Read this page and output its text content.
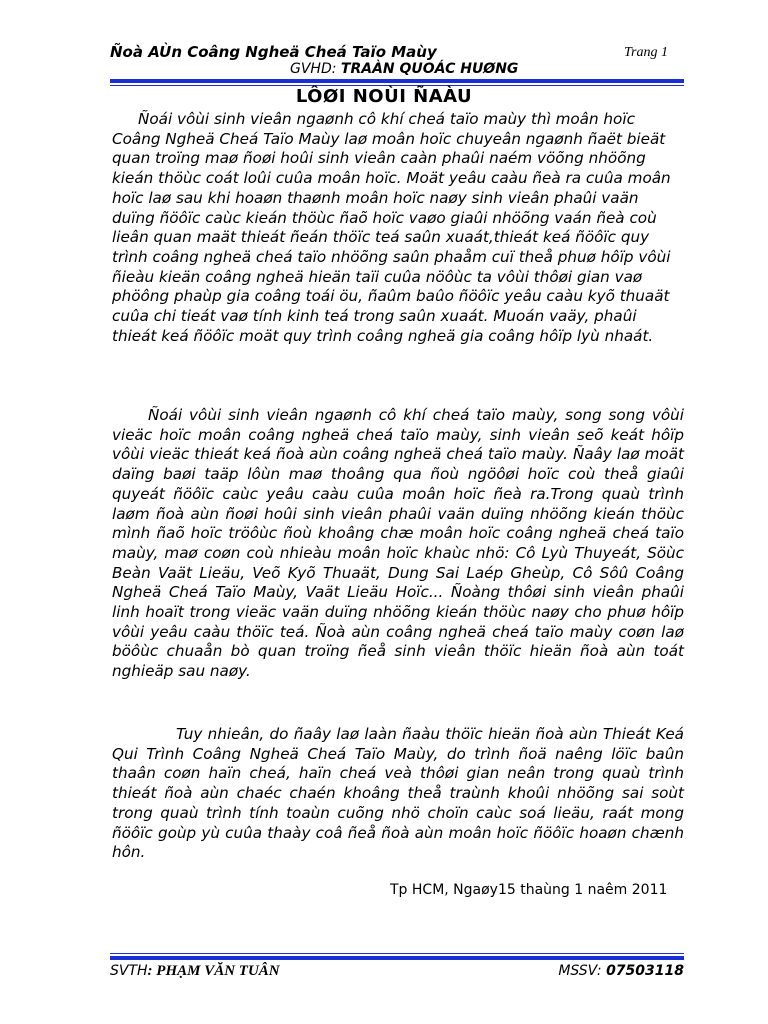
Ñoà AÙn Coâng Ngheä Cheá Taïo Maùy	Trang 1
GVHD: TRAÀN QUOÁC HUØNG
LÔØI NOÙI ÑAÀU

Ñoái vôùi sinh vieân ngaønh cô khí cheá taïo maùy thì moân hoïc Coâng Ngheä Cheá Taïo Maùy laø moân hoïc chuyeân ngaønh ñaët bieät quan troïng maø ñoøi hoûi sinh vieân caàn phaûi naém vöõng nhöõng kieán thöùc coát loûi cuûa moân hoïc. Moät yeâu caàu ñeà ra cuûa moân hoïc laø sau khi hoaøn thaønh moân hoïc naøy sinh vieân phaûi vaän duïng ñöôïc caùc kieán thöùc ñaõ hoïc vaøo giaûi nhöõng vaán ñeà coù lieân quan maät thieát ñeán thöïc teá saûn xuaát,thieát keá ñöôïc quy trình coâng ngheä cheá taïo nhöõng saûn phaåm cuï theå phuø hôïp vôùi ñieàu kieän coâng ngheä hieän taïi cuûa nöôùc ta vôùi thôøi gian vaø phöông phaùp gia coâng toái öu, ñaûm baûo ñöôïc yeâu caàu kyõ thuaät cuûa chi tieát vaø tính kinh teá trong saûn xuaát. Muoán vaäy, phaûi thieát keá ñöôïc moät quy trình coâng ngheä gia coâng hôïp lyù nhaát.

Ñoái vôùi sinh vieân ngaønh cô khí cheá taïo maùy, song song vôùi vieäc hoïc moân coâng ngheä cheá taïo maùy, sinh vieân seõ keát hôïp vôùi vieäc thieát keá ñoà aùn coâng ngheä cheá taïo maùy. Ñaây laø moät daïng baøi taäp lôùn maø thoâng qua ñoù ngöôøi hoïc coù theå giaûi quyeát ñöôïc caùc yeâu caàu cuûa moân hoïc ñeà ra.Trong quaù trình laøm ñoà aùn ñoøi hoûi sinh vieân phaûi vaän duïng nhöõng kieán thöùc mình ñaõ hoïc tröôùc ñoù khoâng chæ moân hoïc coâng ngheä cheá taïo maùy, maø coøn coù nhieàu moân hoïc khaùc nhö: Cô Lyù Thuyeát, Söùc Beàn Vaät Lieäu, Veõ Kyõ Thuaät, Dung Sai Laép Gheùp, Cô Sôû Coâng Ngheä Cheá Taïo Maùy, Vaät Lieäu Hoïc... Ñoàng thôøi sinh vieân phaûi linh hoaït trong vieäc vaän duïng nhöõng kieán thöùc naøy cho phuø hôïp vôùi yeâu caàu thöïc teá. Ñoà aùn coâng ngheä cheá taïo maùy coøn laø böôùc chuaån bò quan troïng ñeå sinh vieân thöïc hieän ñoà aùn toát nghieäp sau naøy.

Tuy nhieân, do ñaây laø laàn ñaàu thöïc hieän ñoà aùn Thieát Keá Qui Trình Coâng Ngheä Cheá Taïo Maùy, do trình ñoä naêng löïc baûn thaân coøn haïn cheá, haïn cheá veà thôøi gian neân trong quaù trình thieát ñoà aùn chaéc chaén khoâng theå traùnh khoûi nhöõng sai soùt trong quaù trình tính toaùn cuõng nhö choïn caùc soá lieäu, raát mong ñöôïc goùp yù cuûa thaày coâ ñeå ñoà aùn moân hoïc ñöôïc hoaøn chænh hôn.

Tp HCM, Ngaøy15 thaùng 1 naêm 2011
SVTH: PHẠM VĂN TUÂN	MSSV: 07503118
